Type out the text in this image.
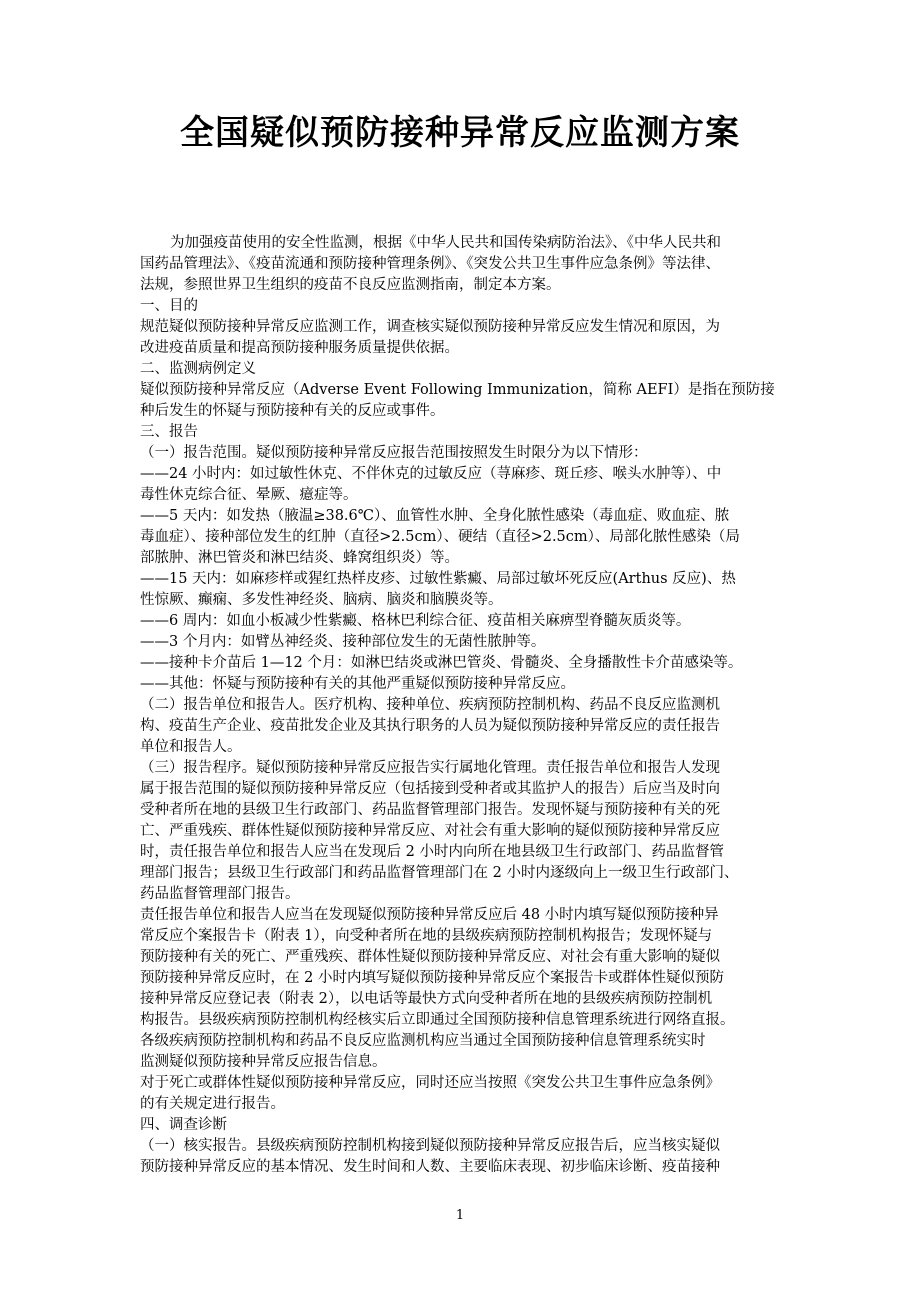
全国疑似预防接种异常反应监测方案
为加强疫苗使用的安全性监测，根据《中华人民共和国传染病防治法》、《中华人民共和
国药品管理法》、《疫苗流通和预防接种管理条例》、《突发公共卫生事件应急条例》等法律、
法规，参照世界卫生组织的疫苗不良反应监测指南，制定本方案。
一、目的
规范疑似预防接种异常反应监测工作，调查核实疑似预防接种异常反应发生情况和原因，为
改进疫苗质量和提高预防接种服务质量提供依据。
二、监测病例定义
疑似预防接种异常反应（Adverse Event Following Immunization，简称 AEFI）是指在预防接
种后发生的怀疑与预防接种有关的反应或事件。
三、报告
（一）报告范围。疑似预防接种异常反应报告范围按照发生时限分为以下情形：
——24 小时内：如过敏性休克、不伴休克的过敏反应（荨麻疹、斑丘疹、喉头水肿等）、中
毒性休克综合征、晕厥、癔症等。
——5 天内：如发热（腋温≥38.6℃）、血管性水肿、全身化脓性感染（毒血症、败血症、脓
毒血症）、接种部位发生的红肿（直径>2.5cm）、硬结（直径>2.5cm）、局部化脓性感染（局
部脓肿、淋巴管炎和淋巴结炎、蜂窝组织炎）等。
——15 天内：如麻疹样或猩红热样皮疹、过敏性紫癜、局部过敏坏死反应(Arthus 反应)、热
性惊厥、癫痫、多发性神经炎、脑病、脑炎和脑膜炎等。
——6 周内：如血小板减少性紫癜、格林巴利综合征、疫苗相关麻痹型脊髓灰质炎等。
——3 个月内：如臂丛神经炎、接种部位发生的无菌性脓肿等。
——接种卡介苗后 1—12 个月：如淋巴结炎或淋巴管炎、骨髓炎、全身播散性卡介苗感染等。
——其他：怀疑与预防接种有关的其他严重疑似预防接种异常反应。
（二）报告单位和报告人。医疗机构、接种单位、疾病预防控制机构、药品不良反应监测机
构、疫苗生产企业、疫苗批发企业及其执行职务的人员为疑似预防接种异常反应的责任报告
单位和报告人。
（三）报告程序。疑似预防接种异常反应报告实行属地化管理。责任报告单位和报告人发现
属于报告范围的疑似预防接种异常反应（包括接到受种者或其监护人的报告）后应当及时向
受种者所在地的县级卫生行政部门、药品监督管理部门报告。发现怀疑与预防接种有关的死
亡、严重残疾、群体性疑似预防接种异常反应、对社会有重大影响的疑似预防接种异常反应
时，责任报告单位和报告人应当在发现后 2 小时内向所在地县级卫生行政部门、药品监督管
理部门报告；县级卫生行政部门和药品监督管理部门在 2 小时内逐级向上一级卫生行政部门、
药品监督管理部门报告。
责任报告单位和报告人应当在发现疑似预防接种异常反应后 48 小时内填写疑似预防接种异
常反应个案报告卡（附表 1），向受种者所在地的县级疾病预防控制机构报告；发现怀疑与
预防接种有关的死亡、严重残疾、群体性疑似预防接种异常反应、对社会有重大影响的疑似
预防接种异常反应时，在 2 小时内填写疑似预防接种异常反应个案报告卡或群体性疑似预防
接种异常反应登记表（附表 2），以电话等最快方式向受种者所在地的县级疾病预防控制机
构报告。县级疾病预防控制机构经核实后立即通过全国预防接种信息管理系统进行网络直报。
各级疾病预防控制机构和药品不良反应监测机构应当通过全国预防接种信息管理系统实时
监测疑似预防接种异常反应报告信息。
对于死亡或群体性疑似预防接种异常反应，同时还应当按照《突发公共卫生事件应急条例》
的有关规定进行报告。
四、调查诊断
（一）核实报告。县级疾病预防控制机构接到疑似预防接种异常反应报告后，应当核实疑似
预防接种异常反应的基本情况、发生时间和人数、主要临床表现、初步临床诊断、疫苗接种
1
